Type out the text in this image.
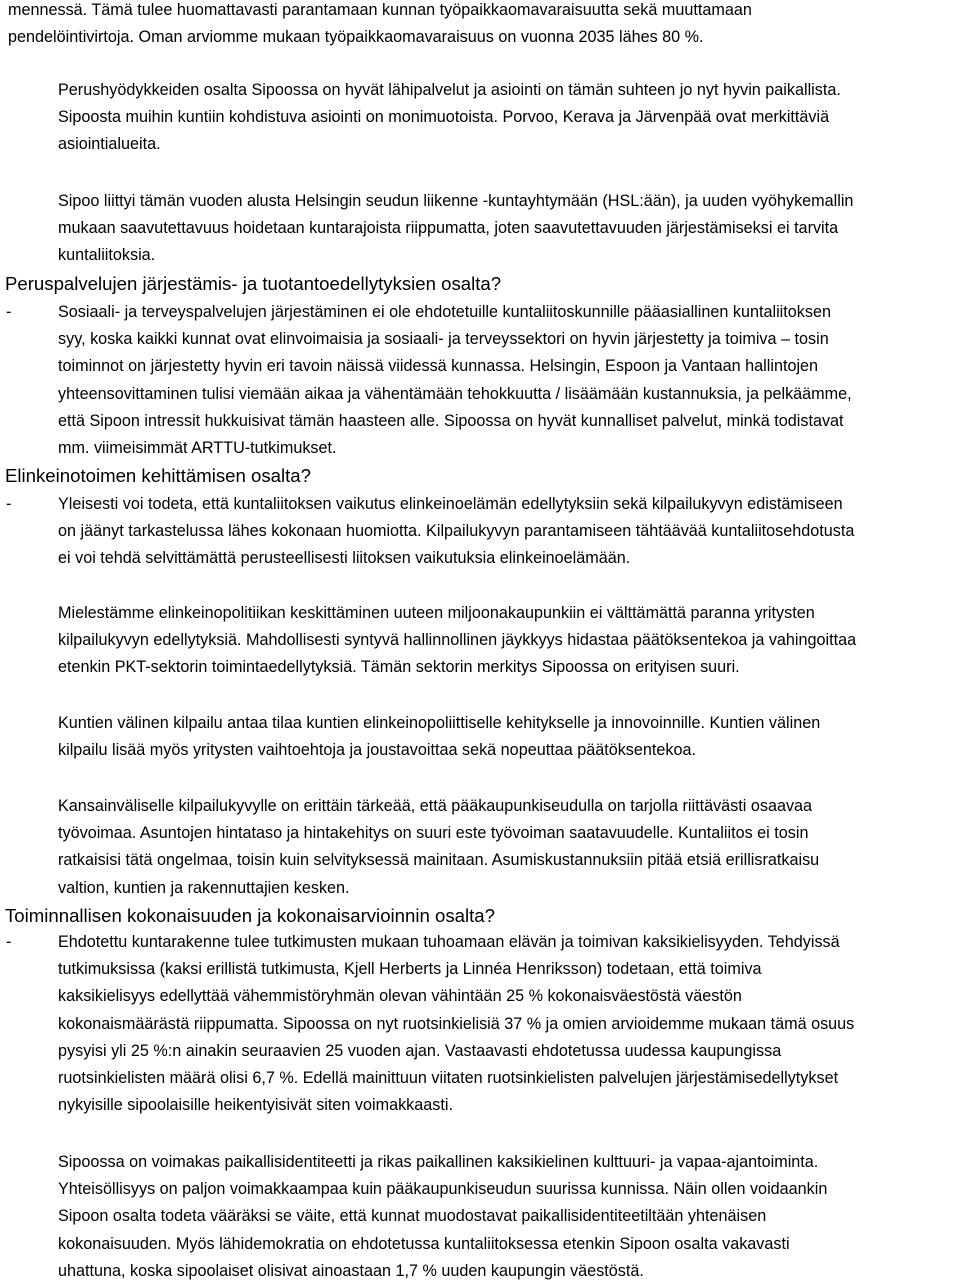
mennessä. Tämä tulee huomattavasti parantamaan kunnan työpaikkaomavaraisuutta sekä muuttamaan
pendelöintivirtoja. Oman arviomme mukaan työpaikkaomavaraisuus on vuonna 2035 lähes 80 %.
Perushyödykkeiden osalta Sipoossa on hyvät lähipalvelut ja asiointi on tämän suhteen jo nyt hyvin paikallista.
Sipoosta muihin kuntiin kohdistuva asiointi on monimuotoista. Porvoo, Kerava ja Järvenpää ovat merkittäviä
asiointialueita.
Sipoo liittyi tämän vuoden alusta Helsingin seudun liikenne -kuntayhtymään (HSL:ään), ja uuden vyöhykemallin
mukaan saavutettavuus hoidetaan kuntarajoista riippumatta, joten saavutettavuuden järjestämiseksi ei tarvita
kuntaliitoksia.
Peruspalvelujen järjestämis- ja tuotantoedellytyksien osalta?
-	Sosiaali- ja terveyspalvelujen järjestäminen ei ole ehdotetuille kuntaliitoskunnille pääasiallinen kuntaliitoksen
syy, koska kaikki kunnat ovat elinvoimaisia ja sosiaali- ja terveyssektori on hyvin järjestetty ja toimiva – tosin
toiminnot on järjestetty hyvin eri tavoin näissä viidessä kunnassa. Helsingin, Espoon ja Vantaan hallintojen
yhteensovittaminen tulisi viemään aikaa ja vähentämään tehokkuutta / lisäämään kustannuksia, ja pelkäämme,
että Sipoon intressit hukkuisivat tämän haasteen alle. Sipoossa on hyvät kunnalliset palvelut, minkä todistavat
mm. viimeisimmät ARTTU-tutkimukset.
Elinkeinotoimen kehittämisen osalta?
-	Yleisesti voi todeta, että kuntaliitoksen vaikutus elinkeinoelämän edellytyksiin sekä kilpailukyvyn edistämiseen
on jäänyt tarkastelussa lähes kokonaan huomiotta. Kilpailukyvyn parantamiseen tähtäävää kuntaliitosehdotusta
ei voi tehdä selvittämättä perusteellisesti liitoksen vaikutuksia elinkeinoelämään.
Mielestämme elinkeinopolitiikan keskittäminen uuteen miljoonakaupunkiin ei välttämättä paranna yritysten
kilpailukyvyn edellytyksiä. Mahdollisesti syntyvä hallinnollinen jäykkyys hidastaa päätöksentekoa ja vahingoittaa
etenkin PKT-sektorin toimintaedellytyksiä. Tämän sektorin merkitys Sipoossa on erityisen suuri.
Kuntien välinen kilpailu antaa tilaa kuntien elinkeinopoliittiselle kehitykselle ja innovoinnille. Kuntien välinen
kilpailu lisää myös yritysten vaihtoehtoja ja joustavoittaa sekä nopeuttaa päätöksentekoa.
Kansainväliselle kilpailukyvylle on erittäin tärkeää, että pääkaupunkiseudulla on tarjolla riittävästi osaavaa
työvoimaa. Asuntojen hintataso ja hintakehitys on suuri este työvoiman saatavuudelle. Kuntaliitos ei tosin
ratkaisisi tätä ongelmaa, toisin kuin selvityksessä mainitaan. Asumiskustannuksiin pitää etsiä erillisratkaisu
valtion, kuntien ja rakennuttajien kesken.
Toiminnallisen kokonaisuuden ja kokonaisarvioinnin osalta?
-	Ehdotettu kuntarakenne tulee tutkimusten mukaan tuhoamaan elävän ja toimivan kaksikielisyyden. Tehdyissä
tutkimuksissa (kaksi erillistä tutkimusta, Kjell Herberts ja Linnéa Henriksson) todetaan, että toimiva
kaksikielisyys edellyttää vähemmistöryhmän olevan vähintään 25 % kokonaisväestöstä väestön
kokonaismäärästä riippumatta. Sipoossa on nyt ruotsinkielisiä 37 % ja omien arvioidemme mukaan tämä osuus
pysyisi yli 25 %:n ainakin seuraavien 25 vuoden ajan. Vastaavasti ehdotetussa uudessa kaupungissa
ruotsinkielisten määrä olisi 6,7 %. Edellä mainittuun viitaten ruotsinkielisten palvelujen järjestämisedellytykset
nykyisille sipoolaisille heikentyisivät siten voimakkaasti.
Sipoossa on voimakas paikallisidentiteetti ja rikas paikallinen kaksikielinen kulttuuri- ja vapaa-ajantoiminta.
Yhteisöllisyys on paljon voimakkaampaa kuin pääkaupunkiseudun suurissa kunnissa. Näin ollen voidaankin
Sipoon osalta todeta vääräksi se väite, että kunnat muodostavat paikallisidentiteetiltään yhtenäisen
kokonaisuuden. Myös lähidemokratia on ehdotetussa kuntaliitoksessa etenkin Sipoon osalta vakavasti
uhattuna, koska sipoolaiset olisivat ainoastaan 1,7 % uuden kaupungin väestöstä.
